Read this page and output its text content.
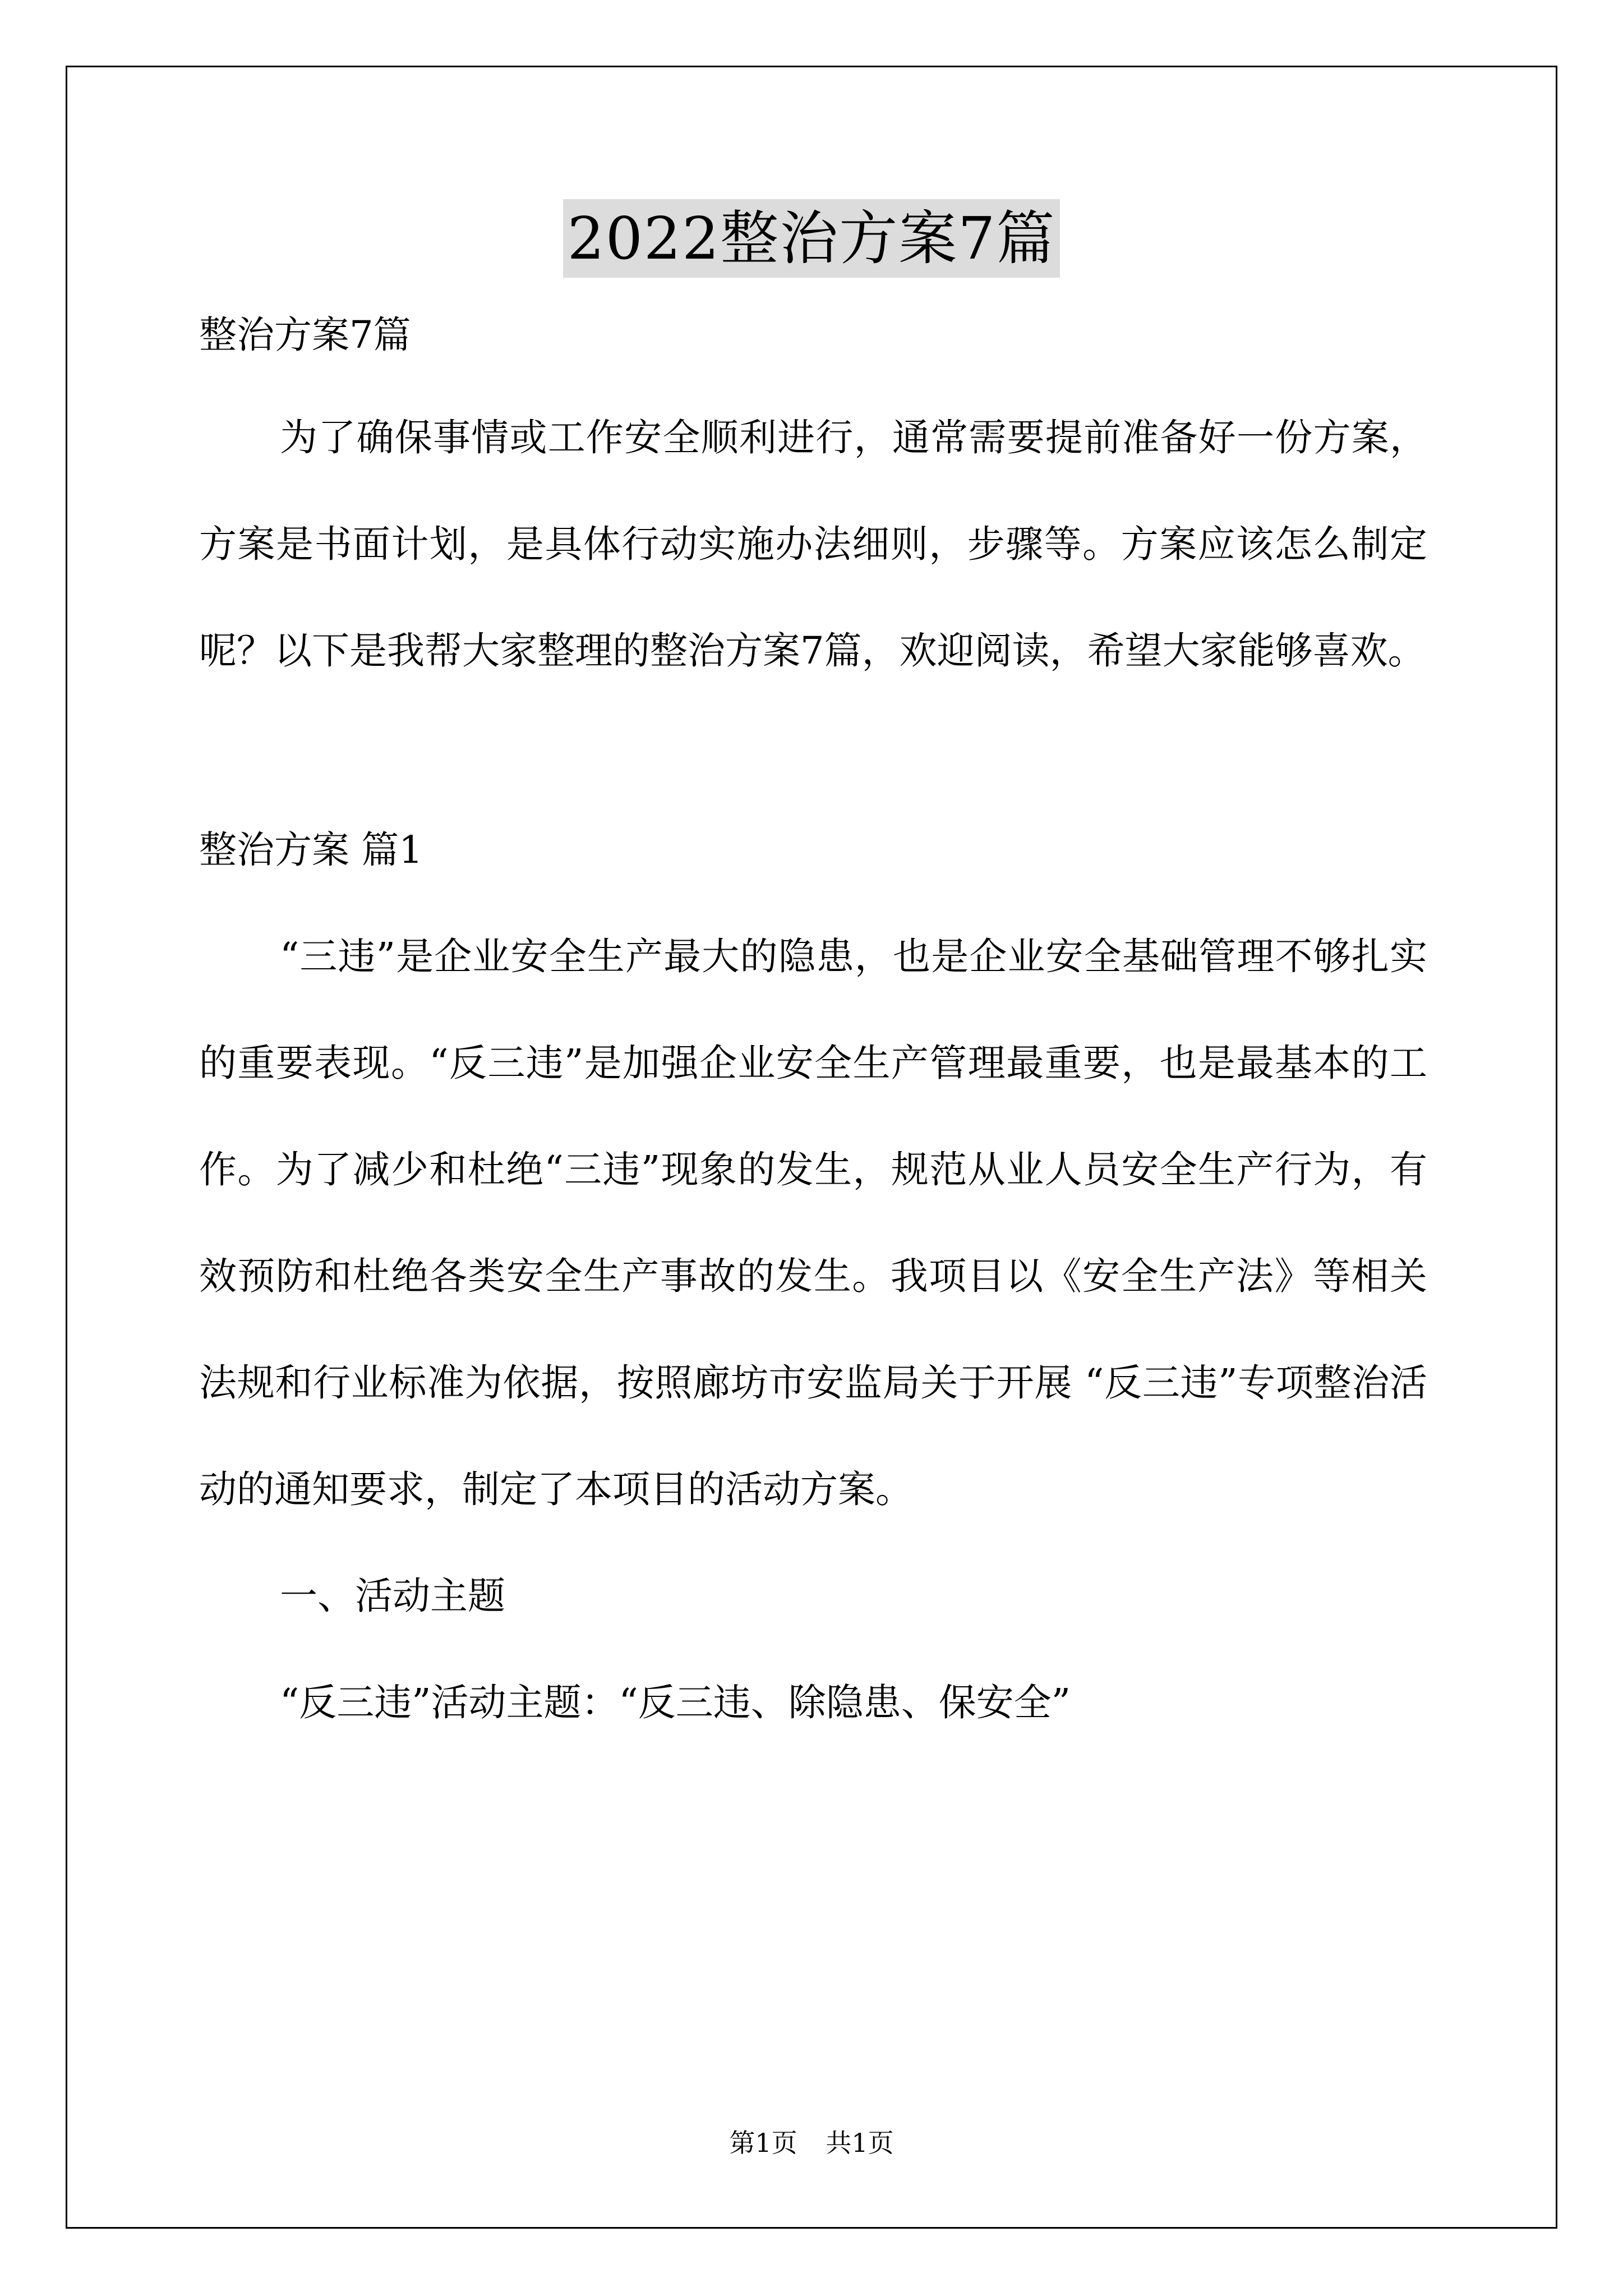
2022整治方案7篇

整治方案7篇

为了确保事情或工作安全顺利进行，通常需要提前准备好一份方案，方案是书面计划，是具体行动实施办法细则，步骤等。方案应该怎么制定呢？以下是我帮大家整理的整治方案7篇，欢迎阅读，希望大家能够喜欢。

整治方案 篇1

“三违”是企业安全生产最大的隐患，也是企业安全基础管理不够扎实的重要表现。“反三违”是加强企业安全生产管理最重要，也是最基本的工作。为了减少和杜绝“三违”现象的发生，规范从业人员安全生产行为，有效预防和杜绝各类安全生产事故的发生。我项目以《安全生产法》等相关法规和行业标准为依据，按照廊坊市安监局关于开展 “反三违”专项整治活动的通知要求，制定了本项目的活动方案。

一、活动主题

“反三违”活动主题：“反三违、除隐患、保安全”

第1页 共1页
